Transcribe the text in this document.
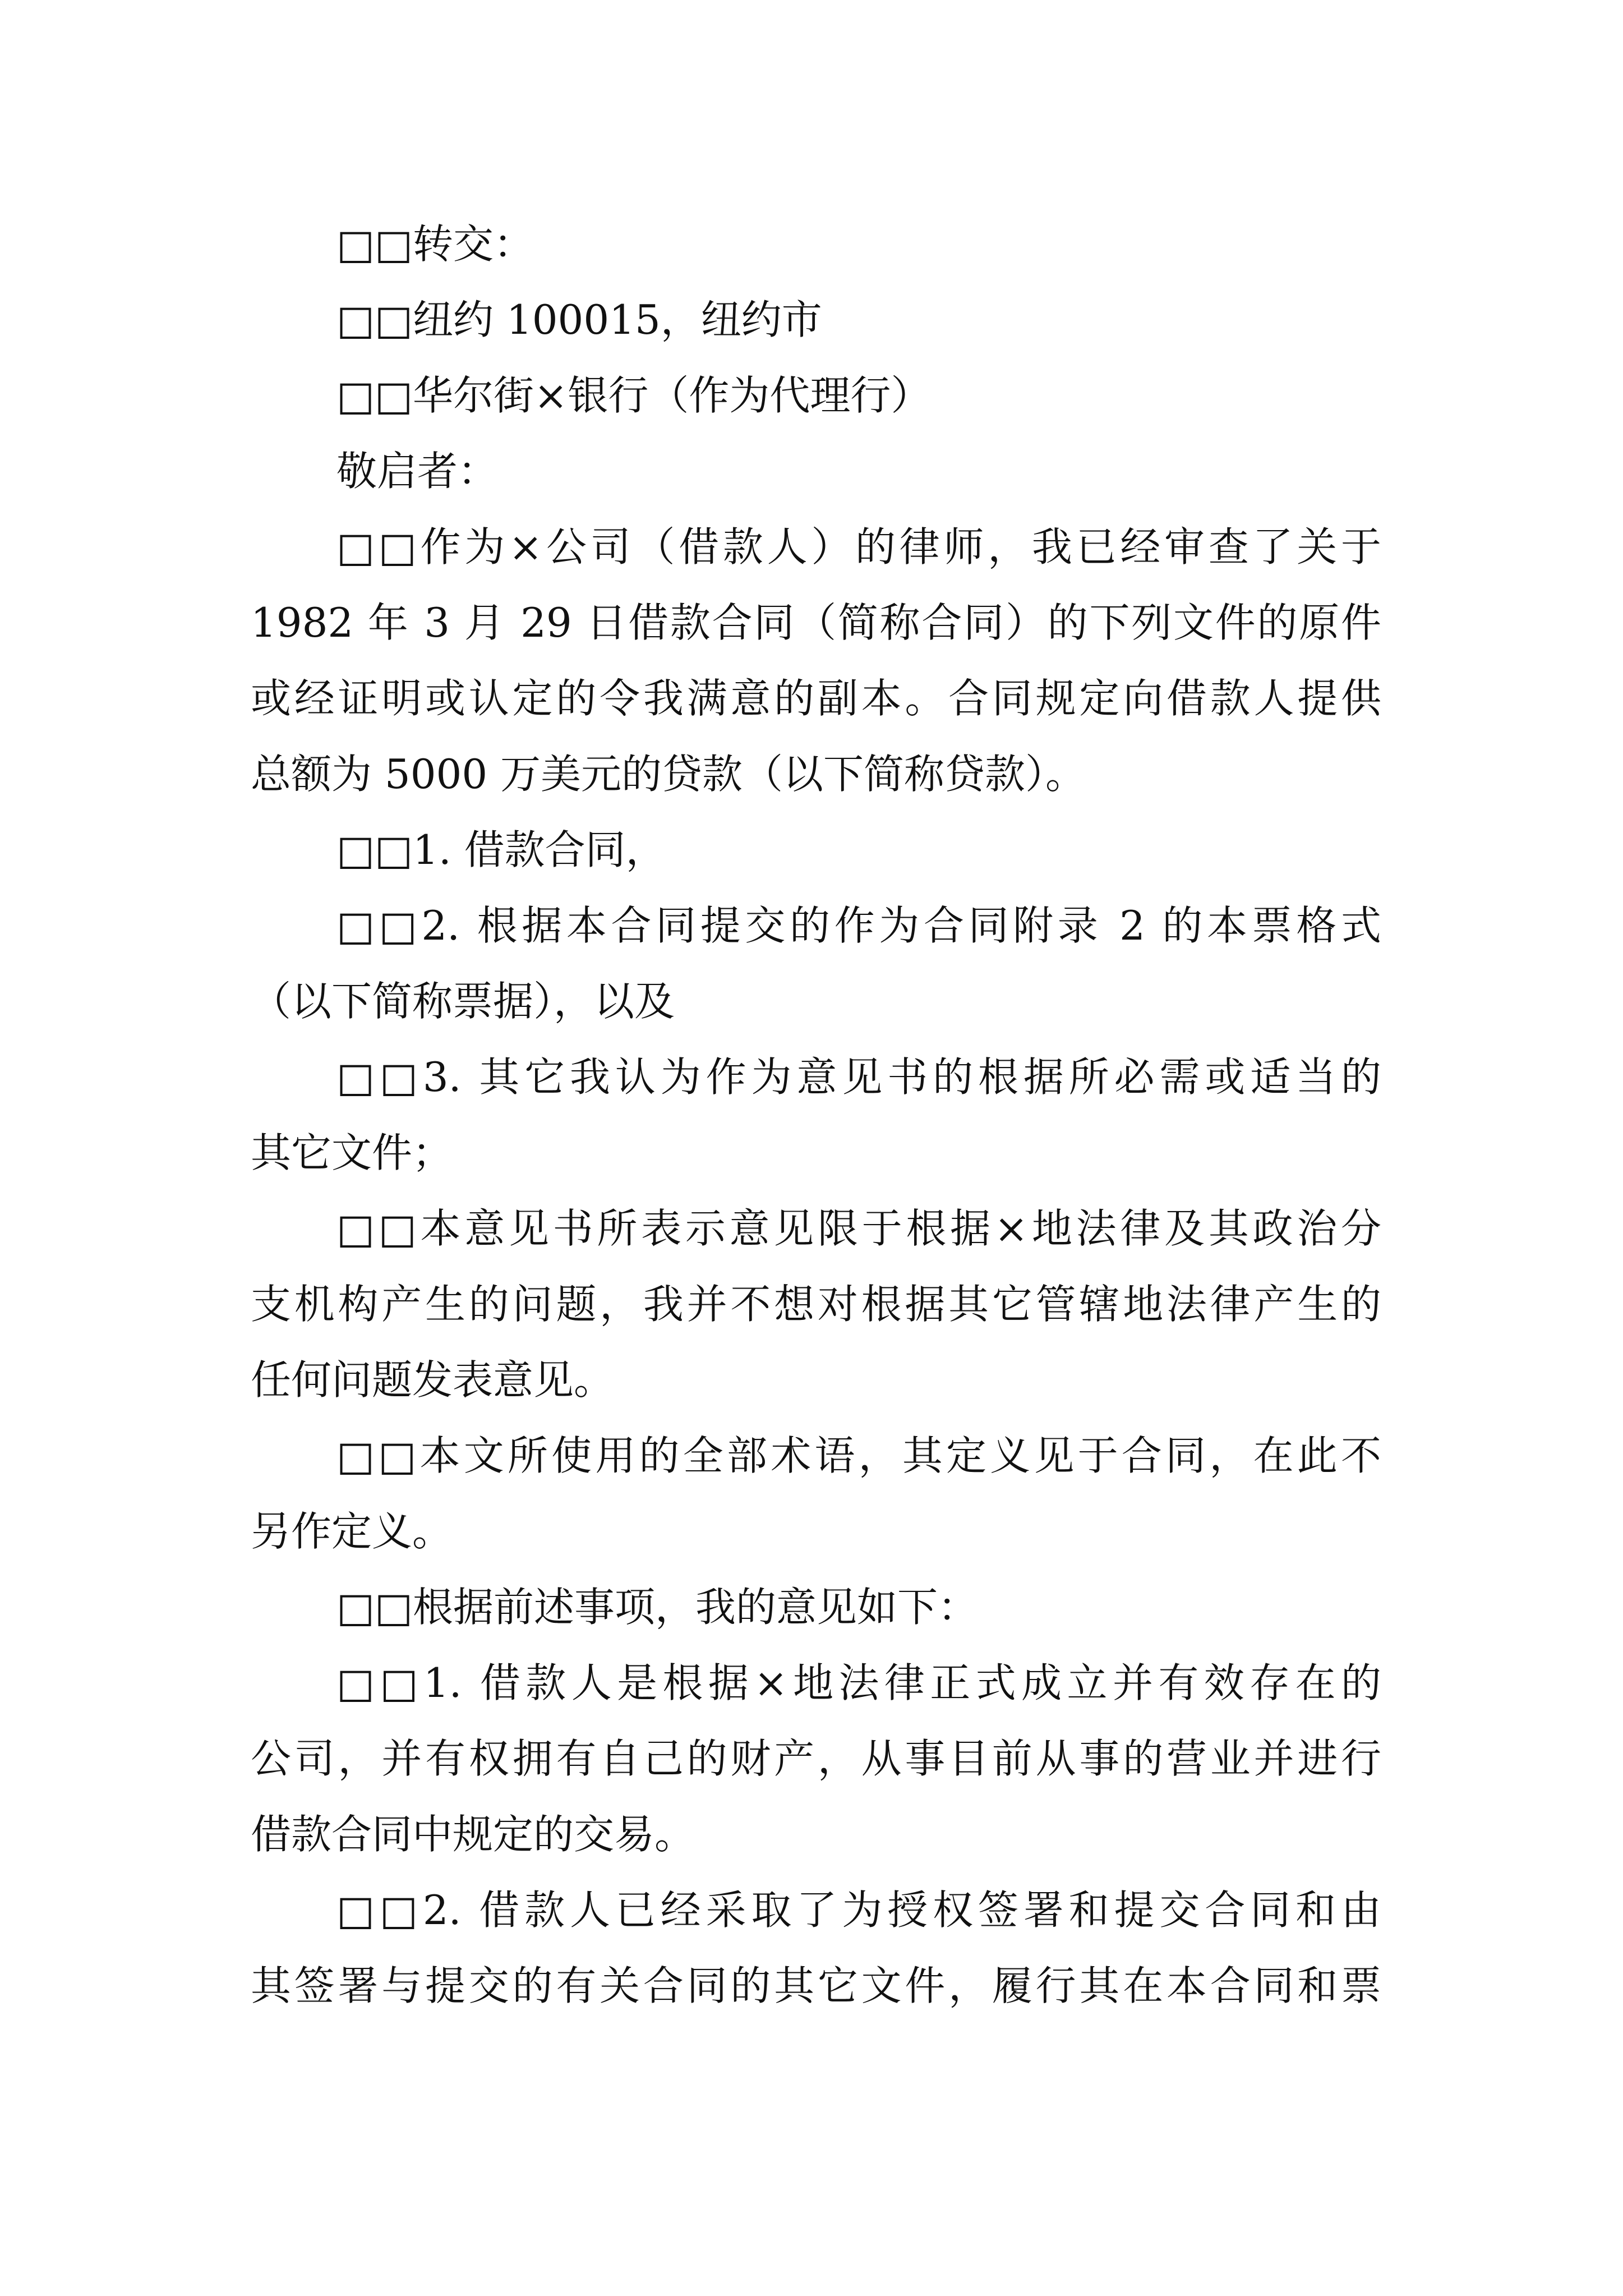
□□转交：
□□纽约 100015，纽约市
□□华尔街×银行（作为代理行）
敬启者：
□□作为×公司（借款人）的律师，我已经审查了关于
1982 年 3 月 29 日借款合同（简称合同）的下列文件的原件
或经证明或认定的令我满意的副本。合同规定向借款人提供
总额为 5000 万美元的贷款（以下简称贷款）。
□□1. 借款合同，
□□2. 根据本合同提交的作为合同附录 2 的本票格式
（以下简称票据），以及
□□3. 其它我认为作为意见书的根据所必需或适当的
其它文件；
□□本意见书所表示意见限于根据×地法律及其政治分
支机构产生的问题，我并不想对根据其它管辖地法律产生的
任何问题发表意见。
□□本文所使用的全部术语，其定义见于合同，在此不
另作定义。
□□根据前述事项，我的意见如下：
□□1. 借款人是根据×地法律正式成立并有效存在的
公司，并有权拥有自己的财产，从事目前从事的营业并进行
借款合同中规定的交易。
□□2. 借款人已经采取了为授权签署和提交合同和由
其签署与提交的有关合同的其它文件，履行其在本合同和票
